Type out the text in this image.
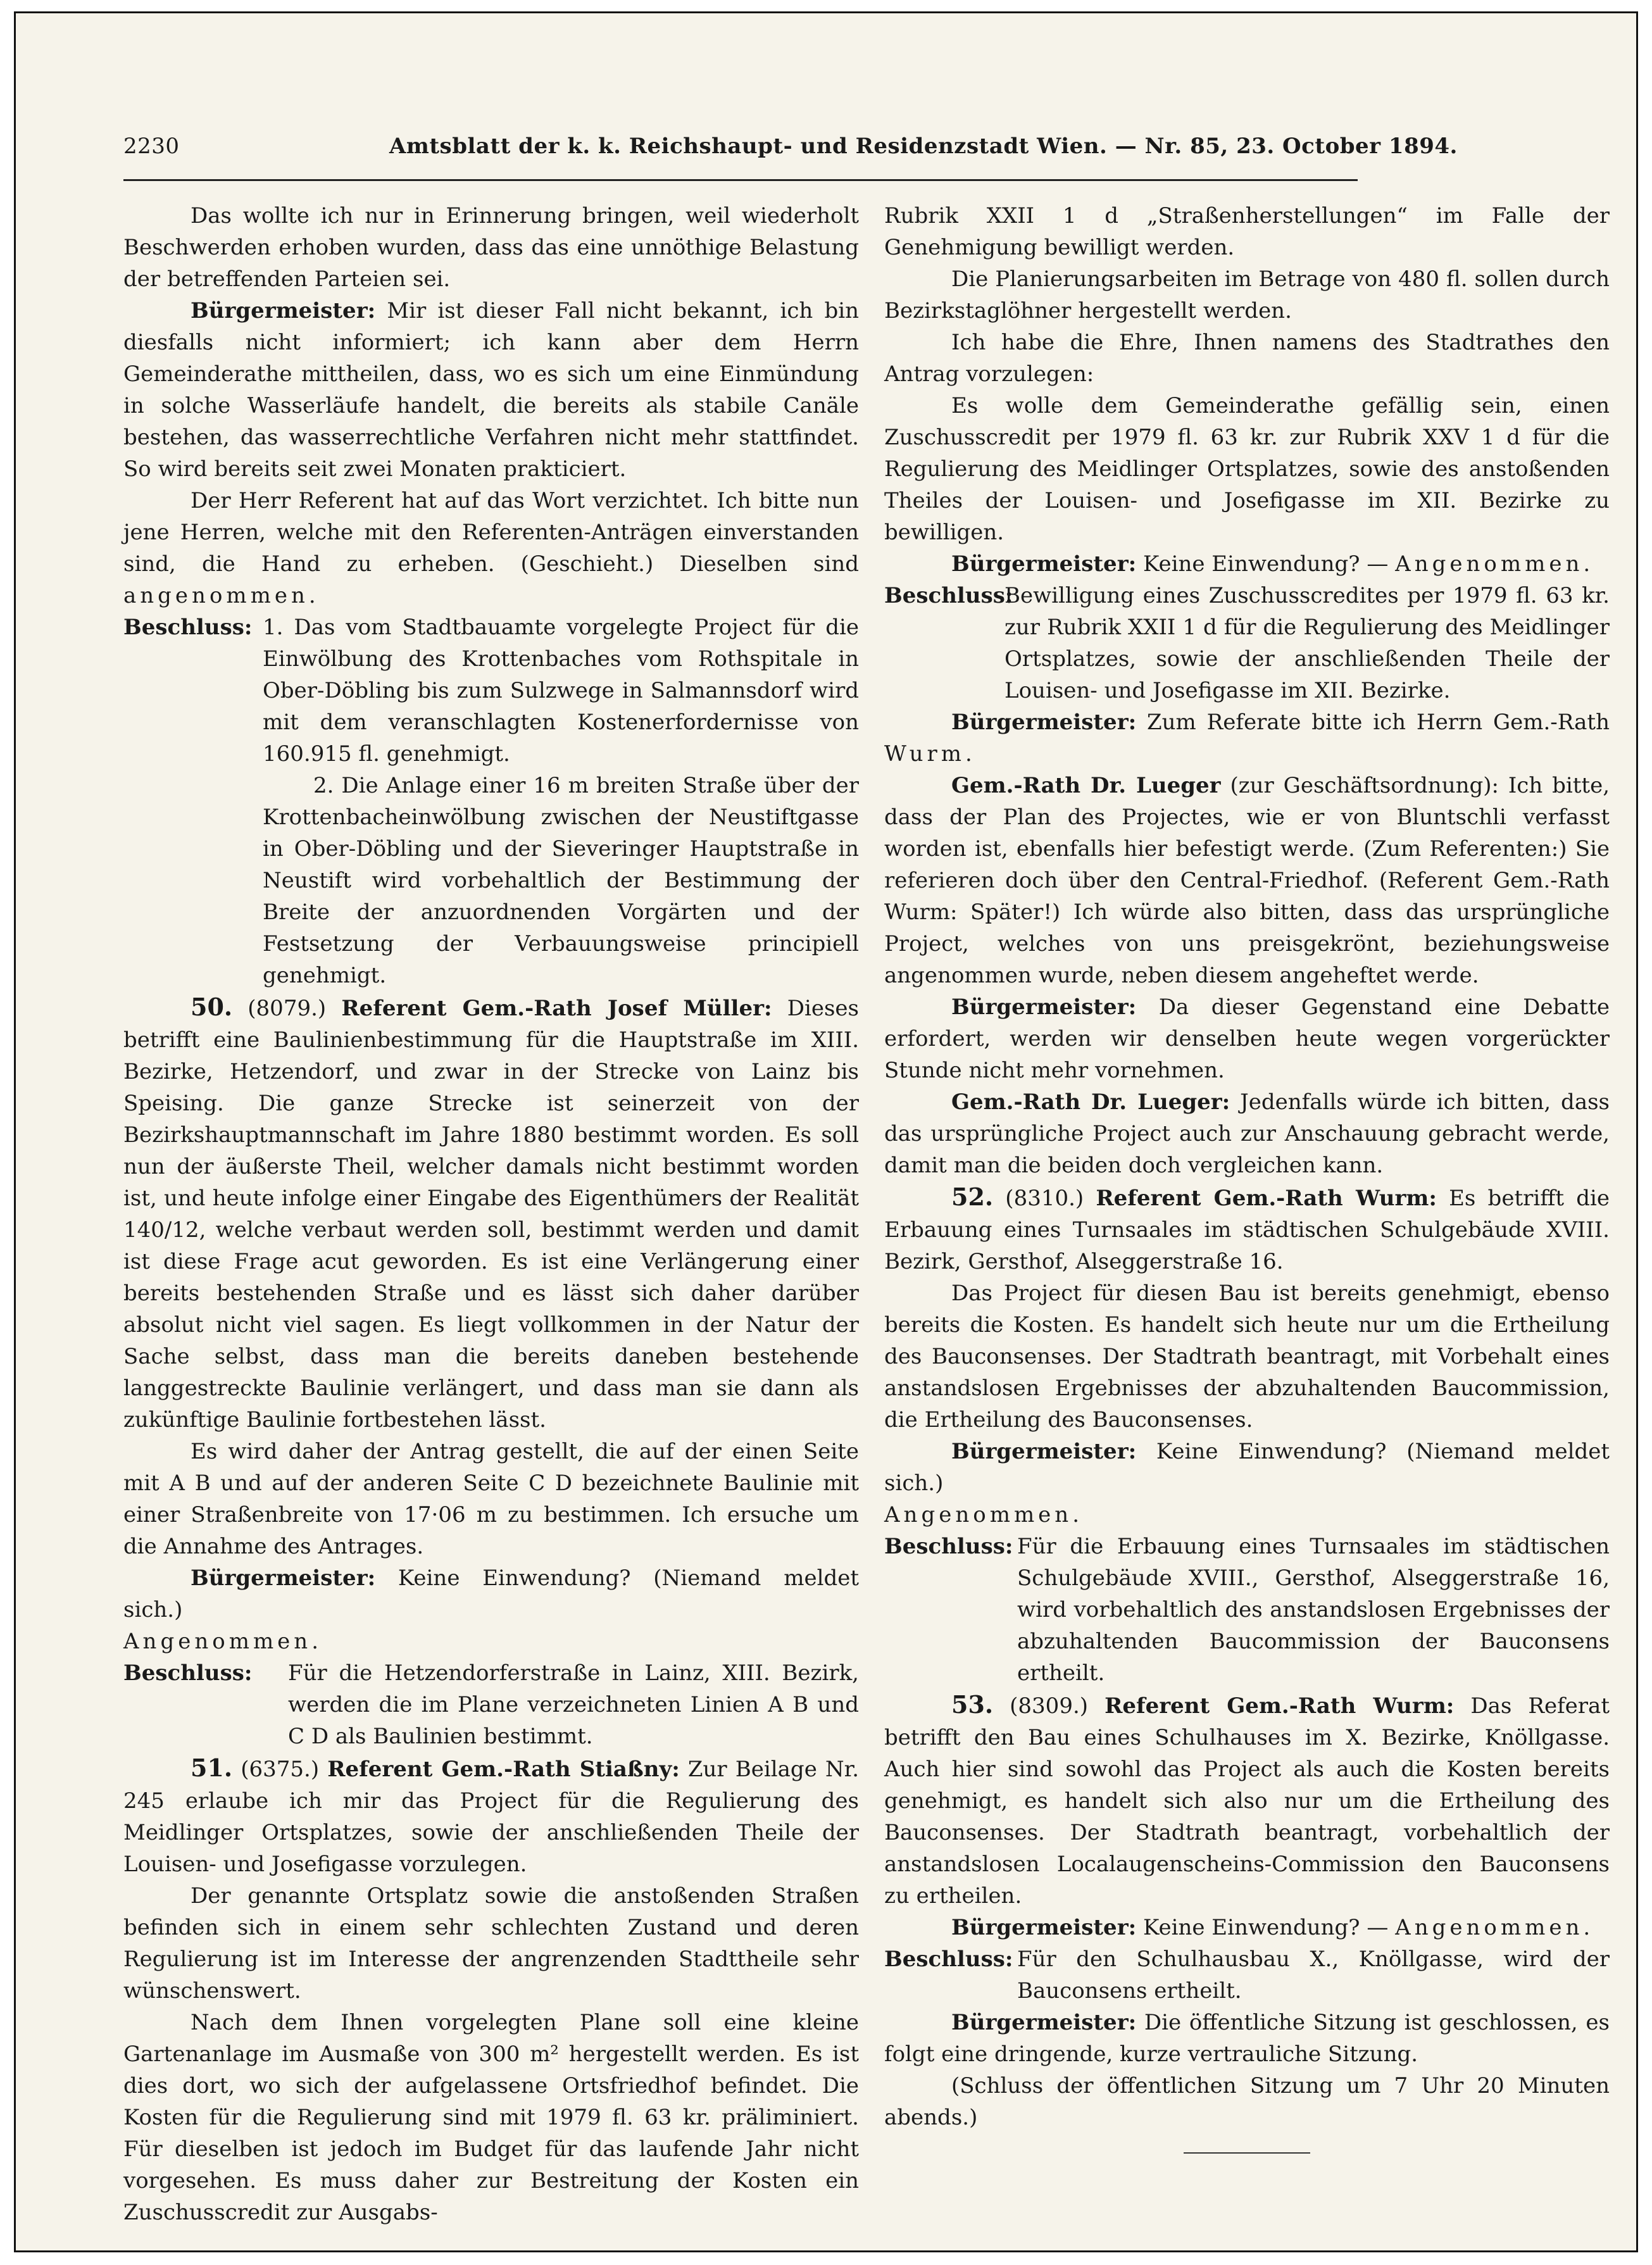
2230	Amtsblatt der k. k. Reichshaupt- und Residenzstadt Wien. — Nr. 85, 23. October 1894.

Das wollte ich nur in Erinnerung bringen, weil wiederholt Beschwerden erhoben wurden, dass das eine unnöthige Belastung der betreffenden Parteien sei.

Bürgermeister: Mir ist dieser Fall nicht bekannt, ich bin diesfalls nicht informiert; ich kann aber dem Herrn Gemeinderathe mittheilen, dass, wo es sich um eine Einmündung in solche Wasserläufe handelt, die bereits als stabile Canäle bestehen, das wasserrechtliche Verfahren nicht mehr stattfindet. So wird bereits seit zwei Monaten prakticiert.

Der Herr Referent hat auf das Wort verzichtet. Ich bitte nun jene Herren, welche mit den Referenten-Anträgen einverstanden sind, die Hand zu erheben. (Geschieht.) Dieselben sind angenommen.

Beschluss: 1. Das vom Stadtbauamte vorgelegte Project für die Einwölbung des Krottenbaches vom Rothspitale in Ober-Döbling bis zum Sulzwege in Salmannsdorf wird mit dem veranschlagten Kostenerfordernisse von 160.915 fl. genehmigt.

2. Die Anlage einer 16 m breiten Straße über der Krottenbacheinwölbung zwischen der Neustiftgasse in Ober-Döbling und der Sieveringer Hauptstraße in Neustift wird vorbehaltlich der Bestimmung der Breite der anzuordnenden Vorgärten und der Festsetzung der Verbauungsweise principiell genehmigt.

50. (8079.) Referent Gem.-Rath Josef Müller: Dieses betrifft eine Baulinienbestimmung für die Hauptstraße im XIII. Bezirke, Hetzendorf, und zwar in der Strecke von Lainz bis Speising. Die ganze Strecke ist seinerzeit von der Bezirkshauptmannschaft im Jahre 1880 bestimmt worden. Es soll nun der äußerste Theil, welcher damals nicht bestimmt worden ist, und heute infolge einer Eingabe des Eigenthümers der Realität 140/12, welche verbaut werden soll, bestimmt werden und damit ist diese Frage acut geworden. Es ist eine Verlängerung einer bereits bestehenden Straße und es lässt sich daher darüber absolut nicht viel sagen. Es liegt vollkommen in der Natur der Sache selbst, dass man die bereits daneben bestehende langgestreckte Baulinie verlängert, und dass man sie dann als zukünftige Baulinie fortbestehen lässt.

Es wird daher der Antrag gestellt, die auf der einen Seite mit A B und auf der anderen Seite C D bezeichnete Baulinie mit einer Straßenbreite von 17·06 m zu bestimmen. Ich ersuche um die Annahme des Antrages.

Bürgermeister: Keine Einwendung? (Niemand meldet sich.)

Angenommen.

Beschluss: Für die Hetzendorferstraße in Lainz, XIII. Bezirk, werden die im Plane verzeichneten Linien A B und C D als Baulinien bestimmt.

51. (6375.) Referent Gem.-Rath Stiaßny: Zur Beilage Nr. 245 erlaube ich mir das Project für die Regulierung des Meidlinger Ortsplatzes, sowie der anschließenden Theile der Louisen- und Josefigasse vorzulegen.

Der genannte Ortsplatz sowie die anstoßenden Straßen befinden sich in einem sehr schlechten Zustand und deren Regulierung ist im Interesse der angrenzenden Stadttheile sehr wünschenswert.

Nach dem Ihnen vorgelegten Plane soll eine kleine Gartenanlage im Ausmaße von 300 m² hergestellt werden. Es ist dies dort, wo sich der aufgelassene Ortsfriedhof befindet. Die Kosten für die Regulierung sind mit 1979 fl. 63 kr. präliminiert. Für dieselben ist jedoch im Budget für das laufende Jahr nicht vorgesehen. Es muss daher zur Bestreitung der Kosten ein Zuschusscredit zur Ausgabs-

Rubrik XXII 1 d „Straßenherstellungen“ im Falle der Genehmigung bewilligt werden.

Die Planierungsarbeiten im Betrage von 480 fl. sollen durch Bezirkstaglöhner hergestellt werden.

Ich habe die Ehre, Ihnen namens des Stadtrathes den Antrag vorzulegen:

Es wolle dem Gemeinderathe gefällig sein, einen Zuschusscredit per 1979 fl. 63 kr. zur Rubrik XXV 1 d für die Regulierung des Meidlinger Ortsplatzes, sowie des anstoßenden Theiles der Louisen- und Josefigasse im XII. Bezirke zu bewilligen.

Bürgermeister: Keine Einwendung? — Angenommen.

Beschluss:

Bewilligung eines Zuschusscredites per 1979 fl. 63 kr. zur Rubrik XXII 1 d für die Regulierung des Meidlinger Ortsplatzes, sowie der anschließenden Theile der Louisen- und Josefigasse im XII. Bezirke.

Bürgermeister: Zum Referate bitte ich Herrn Gem.-Rath Wurm.

Gem.-Rath Dr. Lueger (zur Geschäftsordnung): Ich bitte, dass der Plan des Projectes, wie er von Bluntschli verfasst worden ist, ebenfalls hier befestigt werde. (Zum Referenten:) Sie referieren doch über den Central-Friedhof. (Referent Gem.-Rath Wurm: Später!) Ich würde also bitten, dass das ursprüngliche Project, welches von uns preisgekrönt, beziehungsweise angenommen wurde, neben diesem angeheftet werde.

Bürgermeister: Da dieser Gegenstand eine Debatte erfordert, werden wir denselben heute wegen vorgerückter Stunde nicht mehr vornehmen.

Gem.-Rath Dr. Lueger: Jedenfalls würde ich bitten, dass das ursprüngliche Project auch zur Anschauung gebracht werde, damit man die beiden doch vergleichen kann.

52. (8310.) Referent Gem.-Rath Wurm: Es betrifft die Erbauung eines Turnsaales im städtischen Schulgebäude XVIII. Bezirk, Gersthof, Alseggerstraße 16.

Das Project für diesen Bau ist bereits genehmigt, ebenso bereits die Kosten. Es handelt sich heute nur um die Ertheilung des Bauconsenses. Der Stadtrath beantragt, mit Vorbehalt eines anstandslosen Ergebnisses der abzuhaltenden Baucommission, die Ertheilung des Bauconsenses.

Bürgermeister: Keine Einwendung? (Niemand meldet sich.)

Angenommen.

Beschluss: Für die Erbauung eines Turnsaales im städtischen Schulgebäude XVIII., Gersthof, Alseggerstraße 16, wird vorbehaltlich des anstandslosen Ergebnisses der abzuhaltenden Baucommission der Bauconsens ertheilt.

53. (8309.) Referent Gem.-Rath Wurm: Das Referat betrifft den Bau eines Schulhauses im X. Bezirke, Knöllgasse. Auch hier sind sowohl das Project als auch die Kosten bereits genehmigt, es handelt sich also nur um die Ertheilung des Bauconsenses. Der Stadtrath beantragt, vorbehaltlich der anstandslosen Localaugenscheins-Commission den Bauconsens zu ertheilen.

Bürgermeister: Keine Einwendung? — Angenommen.

Beschluss: Für den Schulhausbau X., Knöllgasse, wird der Bauconsens ertheilt.

Bürgermeister: Die öffentliche Sitzung ist geschlossen, es folgt eine dringende, kurze vertrauliche Sitzung.

(Schluss der öffentlichen Sitzung um 7 Uhr 20 Minuten abends.)
